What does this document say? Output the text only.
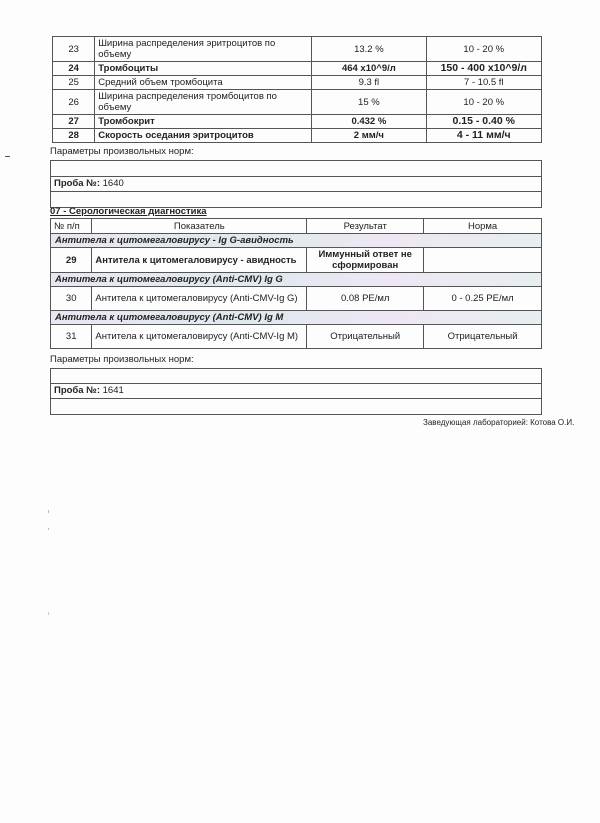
23	Ширина распределения эритроцитов по объему	13.2 %	10 - 20 %
24	Тромбоциты	464 x10^9/л	150 - 400 x10^9/л
25	Средний объем тромбоцита	9.3 fl	7 - 10.5 fl
26	Ширина распределения тромбоцитов по объему	15 %	10 - 20 %
27	Тромбокрит	0.432 %	0.15 - 0.40 %
28	Скорость оседания эритроцитов	2 мм/ч	4 - 11 мм/ч
Параметры произвольных норм:
Проба №: 1640
07 - Серологическая диагностика
№ п/п	Показатель	Результат	Норма
Антитела к цитомегаловирусу - Ig G-авидность			
29	Антитела к цитомегаловирусу - авидность	Иммунный ответ не сформирован	
Антитела к цитомегаловирусу (Anti-CMV) Ig G			
30	Антитела к цитомегаловирусу (Anti-CMV-Ig G)	0.08 PE/мл	0 - 0.25 PE/мл
Антитела к цитомегаловирусу (Anti-CMV) Ig M			
31	Антитела к цитомегаловирусу (Anti-CMV-Ig M)	Отрицательный	Отрицательный
Параметры произвольных норм:
Проба №: 1641
Заведующая лабораторией: Котова О.И.
